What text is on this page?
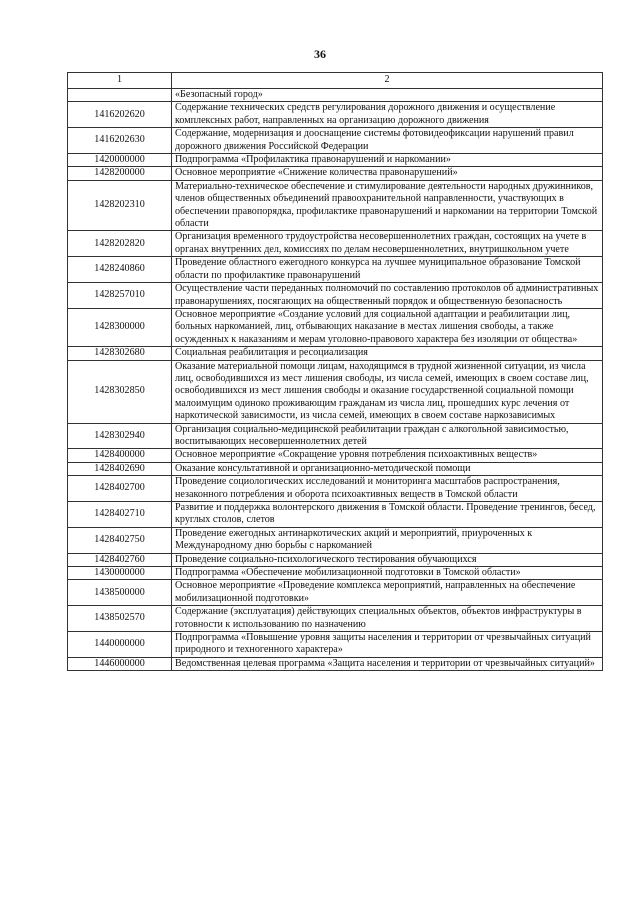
36
1	2
	«Безопасный город»
1416202620	Содержание технических средств регулирования дорожного движения и осуществление комплексных работ, направленных на организацию дорожного движения
1416202630	Содержание, модернизация и дооснащение системы фотовидеофиксации нарушений правил дорожного движения Российской Федерации
1420000000	Подпрограмма «Профилактика правонарушений и наркомании»
1428200000	Основное мероприятие «Снижение количества правонарушений»
1428202310	Материально-техническое обеспечение и стимулирование деятельности народных дружинников, членов общественных объединений правоохранительной направленности, участвующих в обеспечении правопорядка, профилактике правонарушений и наркомании на территории Томской области
1428202820	Организация временного трудоустройства несовершеннолетних граждан, состоящих на учете в органах внутренних дел, комиссиях по делам несовершеннолетних, внутришкольном учете
1428240860	Проведение областного ежегодного конкурса на лучшее муниципальное образование Томской области по профилактике правонарушений
1428257010	Осуществление части переданных полномочий по составлению протоколов об административных правонарушениях, посягающих на общественный порядок и общественную безопасность
1428300000	Основное мероприятие «Создание условий для социальной адаптации и реабилитации лиц, больных наркоманией, лиц, отбывающих наказание в местах лишения свободы, а также осужденных к наказаниям и мерам уголовно-правового характера без изоляции от общества»
1428302680	Социальная реабилитация и ресоциализация
1428302850	Оказание материальной помощи лицам, находящимся в трудной жизненной ситуации, из числа лиц, освободившихся из мест лишения свободы, из числа семей, имеющих в своем составе лиц, освободившихся из мест лишения свободы и оказание государственной социальной помощи малоимущим одиноко проживающим гражданам из числа лиц, прошедших курс лечения от наркотической зависимости, из числа семей, имеющих в своем составе наркозависимых
1428302940	Организация социально-медицинской реабилитации граждан с алкогольной зависимостью, воспитывающих несовершеннолетних детей
1428400000	Основное мероприятие «Сокращение уровня потребления психоактивных веществ»
1428402690	Оказание консультативной и организационно-методической помощи
1428402700	Проведение социологических исследований и мониторинга масштабов распространения, незаконного потребления и оборота психоактивных веществ в Томской области
1428402710	Развитие и поддержка волонтерского движения в Томской области. Проведение тренингов, бесед, круглых столов, слетов
1428402750	Проведение ежегодных антинаркотических акций и мероприятий, приуроченных к Международному дню борьбы с наркоманией
1428402760	Проведение социально-психологического тестирования обучающихся
1430000000	Подпрограмма «Обеспечение мобилизационной подготовки в Томской области»
1438500000	Основное мероприятие «Проведение комплекса мероприятий, направленных на обеспечение мобилизационной подготовки»
1438502570	Содержание (эксплуатация) действующих специальных объектов, объектов инфраструктуры в готовности к использованию по назначению
1440000000	Подпрограмма «Повышение уровня защиты населения и территории от чрезвычайных ситуаций природного и техногенного характера»
1446000000	Ведомственная целевая программа «Защита населения и территории от чрезвычайных ситуаций»
